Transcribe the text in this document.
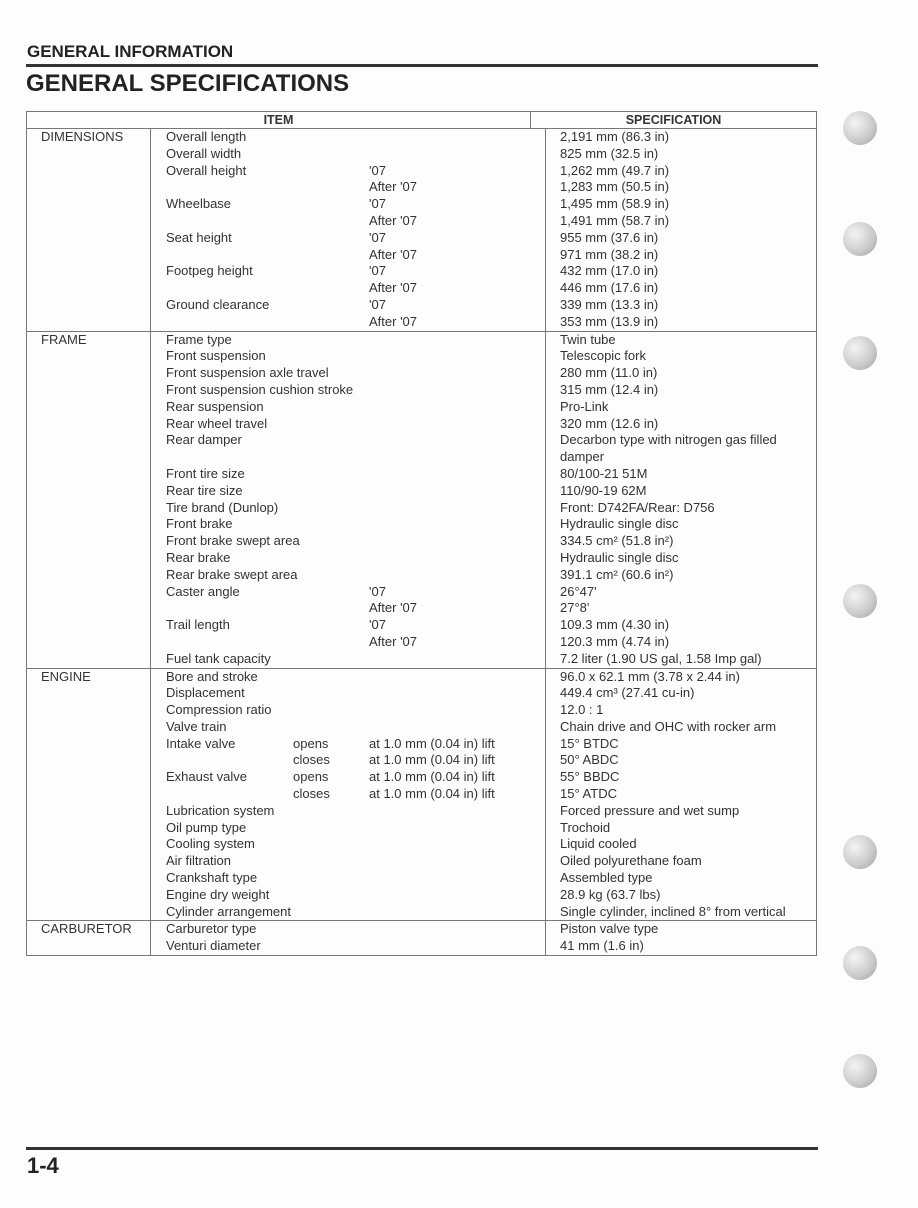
GENERAL INFORMATION
GENERAL SPECIFICATIONS
ITEM	SPECIFICATION
DIMENSIONS	Overall length	2,191 mm (86.3 in)
Overall width	825 mm (32.5 in)
Overall height	'07	1,262 mm (49.7 in)
After '07	1,283 mm (50.5 in)
Wheelbase	'07	1,495 mm (58.9 in)
After '07	1,491 mm (58.7 in)
Seat height	'07	955 mm (37.6 in)
After '07	971 mm (38.2 in)
Footpeg height	'07	432 mm (17.0 in)
After '07	446 mm (17.6 in)
Ground clearance	'07	339 mm (13.3 in)
After '07	353 mm (13.9 in)
FRAME	Frame type	Twin tube
Front suspension	Telescopic fork
Front suspension axle travel	280 mm (11.0 in)
Front suspension cushion stroke	315 mm (12.4 in)
Rear suspension	Pro-Link
Rear wheel travel	320 mm (12.6 in)
Rear damper	Decarbon type with nitrogen gas filled
damper
Front tire size	80/100-21 51M
Rear tire size	110/90-19 62M
Tire brand (Dunlop)	Front: D742FA/Rear: D756
Front brake	Hydraulic single disc
Front brake swept area	334.5 cm² (51.8 in²)
Rear brake	Hydraulic single disc
Rear brake swept area	391.1 cm² (60.6 in²)
Caster angle	'07	26°47'
After '07	27°8'
Trail length	'07	109.3 mm (4.30 in)
After '07	120.3 mm (4.74 in)
Fuel tank capacity	7.2 liter (1.90 US gal, 1.58 Imp gal)
ENGINE	Bore and stroke	96.0 x 62.1 mm (3.78 x 2.44 in)
Displacement	449.4 cm³ (27.41 cu-in)
Compression ratio	12.0 : 1
Valve train	Chain drive and OHC with rocker arm
Intake valve	opens	at 1.0 mm (0.04 in) lift	15° BTDC
closes	at 1.0 mm (0.04 in) lift	50° ABDC
Exhaust valve	opens	at 1.0 mm (0.04 in) lift	55° BBDC
closes	at 1.0 mm (0.04 in) lift	15° ATDC
Lubrication system	Forced pressure and wet sump
Oil pump type	Trochoid
Cooling system	Liquid cooled
Air filtration	Oiled polyurethane foam
Crankshaft type	Assembled type
Engine dry weight	28.9 kg (63.7 lbs)
Cylinder arrangement	Single cylinder, inclined 8° from vertical
CARBURETOR	Carburetor type	Piston valve type
Venturi diameter	41 mm (1.6 in)
1-4
